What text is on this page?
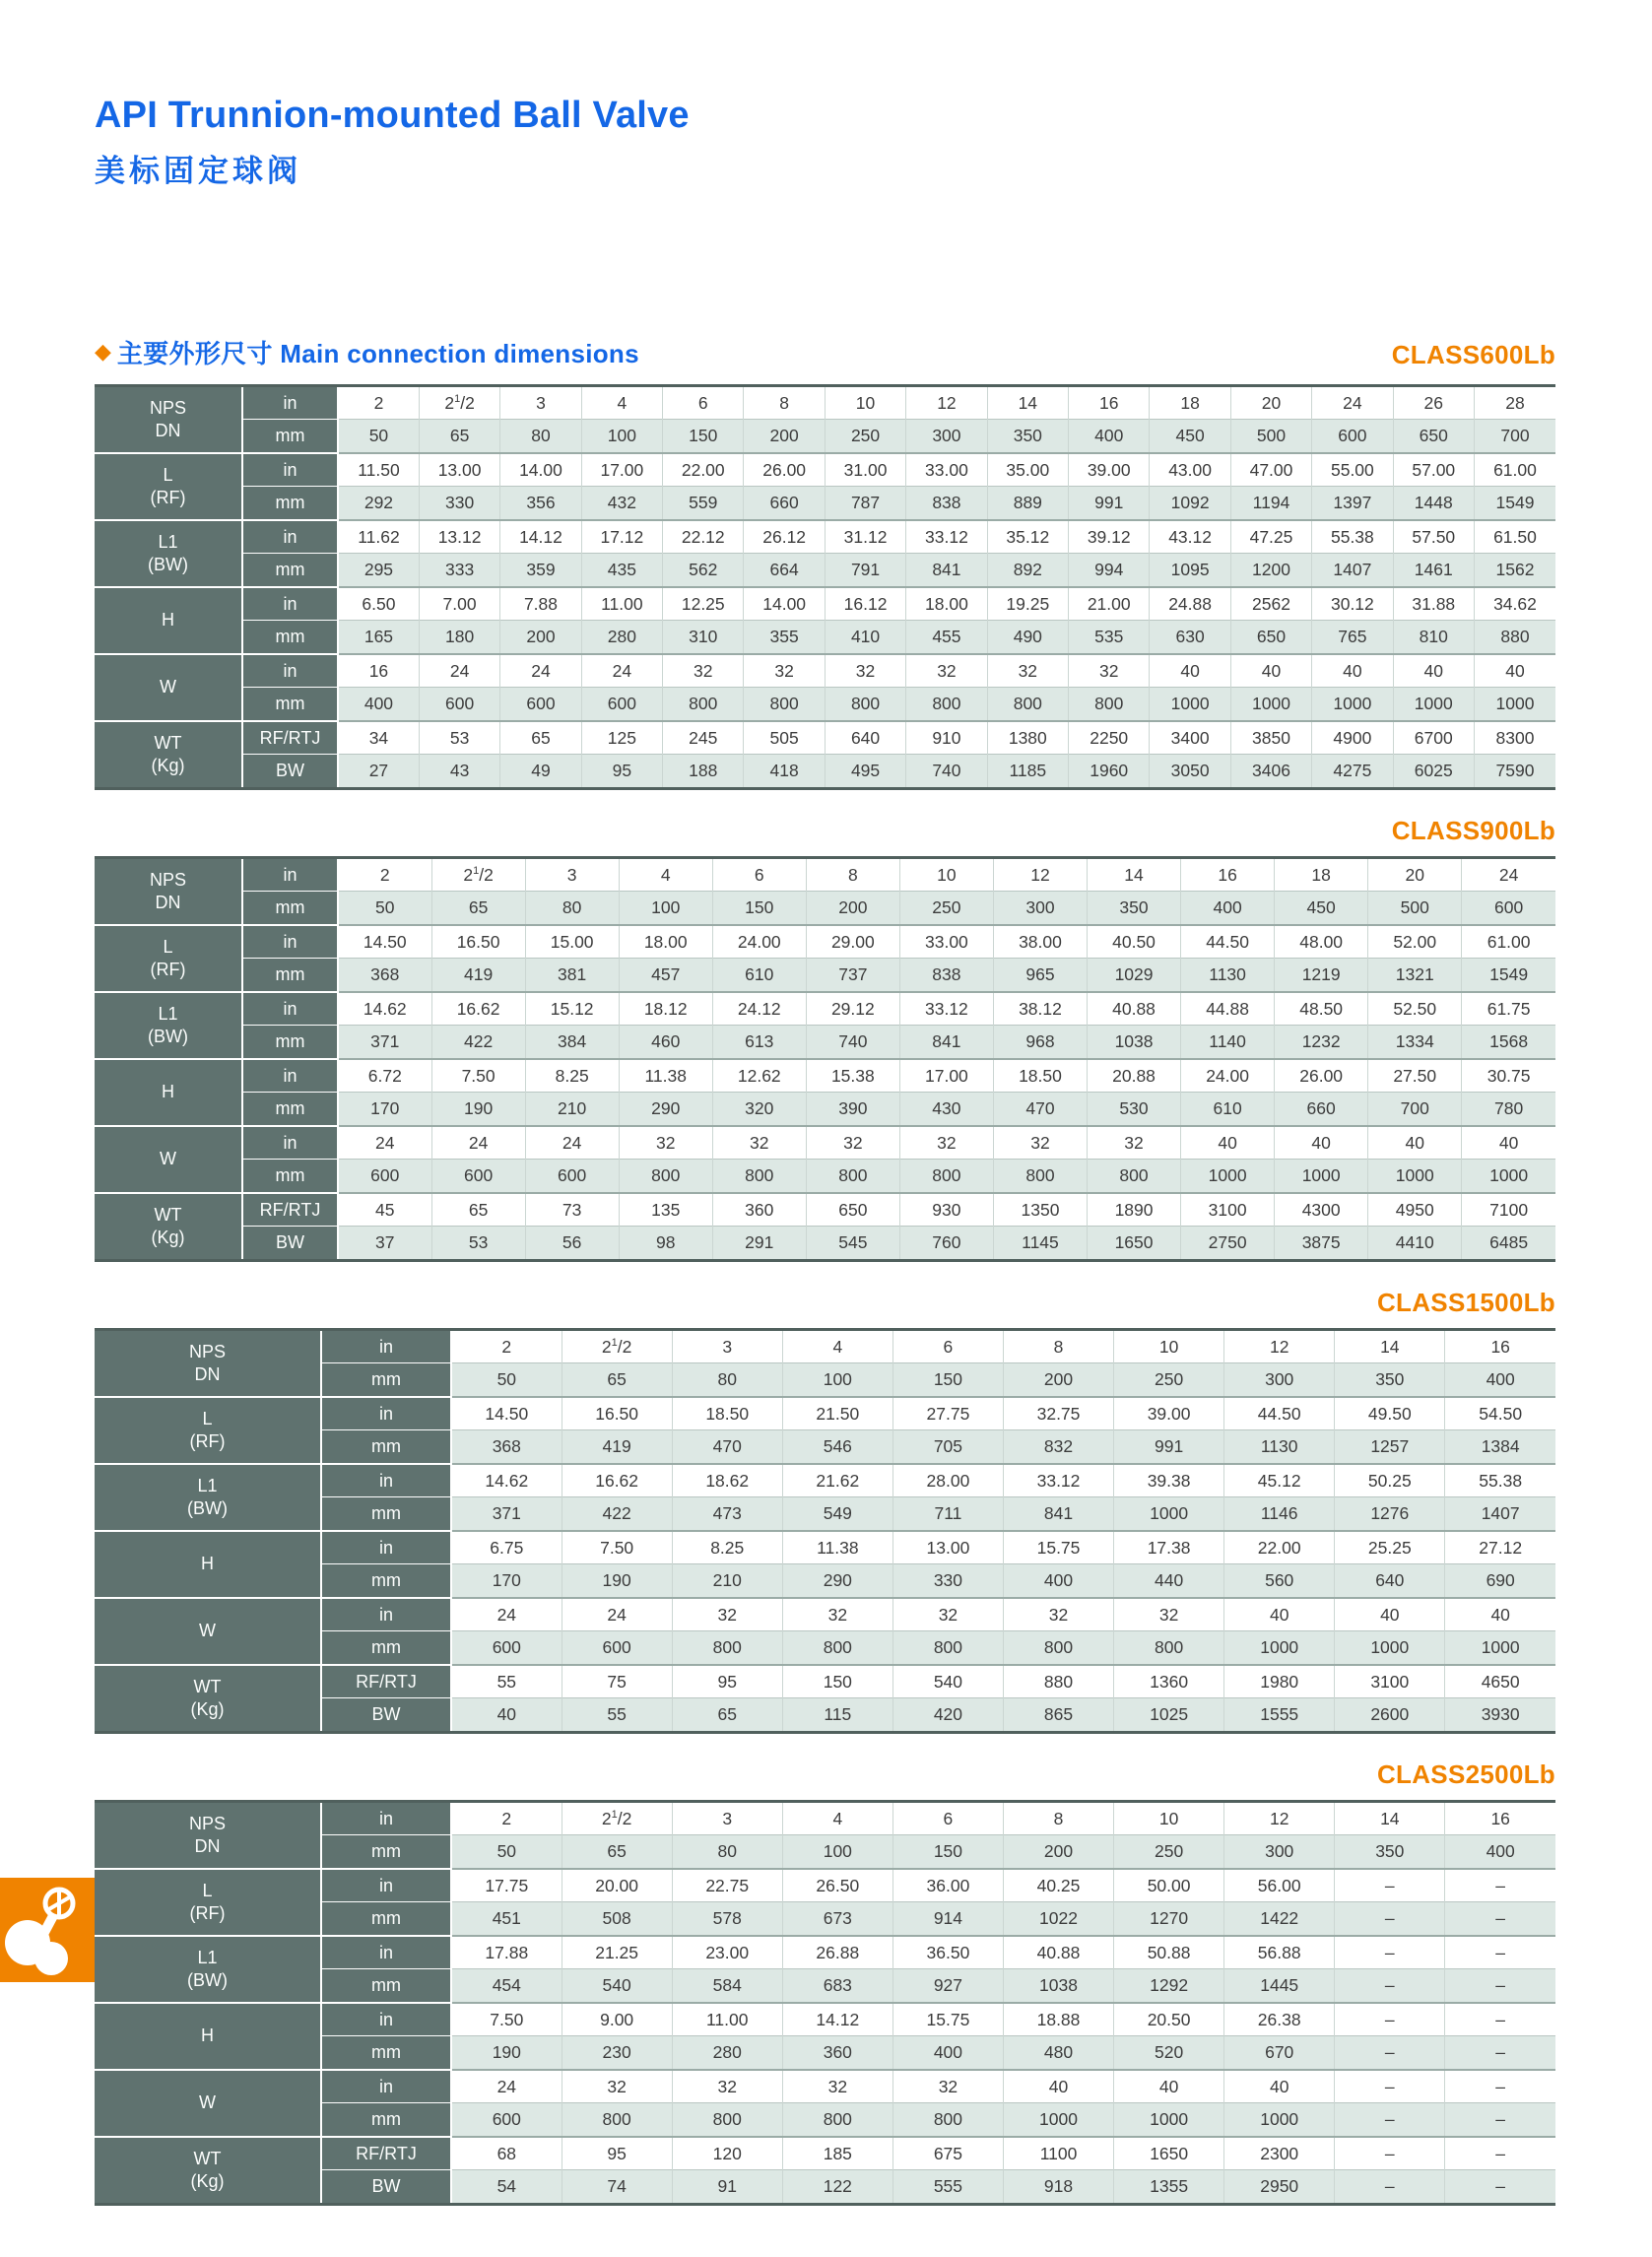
API Trunnion-mounted Ball Valve
美标固定球阀
◆ 主要外形尺寸 Main connection dimensions	CLASS600Lb
NPS
DN	in	2	$2^1/2$	3	4	6	8	10	12	14	16	18	20	24	26	28
	mm	50	65	80	100	150	200	250	300	350	400	450	500	600	650	700
L
(RF)	in	11.50	13.00	14.00	17.00	22.00	26.00	31.00	33.00	35.00	39.00	43.00	47.00	55.00	57.00	61.00
	mm	292	330	356	432	559	660	787	838	889	991	1092	1194	1397	1448	1549
L1
(BW)	in	11.62	13.12	14.12	17.12	22.12	26.12	31.12	33.12	35.12	39.12	43.12	47.25	55.38	57.50	61.50
	mm	295	333	359	435	562	664	791	841	892	994	1095	1200	1407	1461	1562
H	in	6.50	7.00	7.88	11.00	12.25	14.00	16.12	18.00	19.25	21.00	24.88	2562	30.12	31.88	34.62
	mm	165	180	200	280	310	355	410	455	490	535	630	650	765	810	880
W	in	16	24	24	24	32	32	32	32	32	32	40	40	40	40	40
	mm	400	600	600	600	800	800	800	800	800	800	1000	1000	1000	1000	1000
WT
(Kg)	RF/RTJ	34	53	65	125	245	505	640	910	1380	2250	3400	3850	4900	6700	8300
	BW	27	43	49	95	188	418	495	740	1185	1960	3050	3406	4275	6025	7590
CLASS900Lb
NPS
DN	in	2	$2^1/2$	3	4	6	8	10	12	14	16	18	20	24
	mm	50	65	80	100	150	200	250	300	350	400	450	500	600
L
(RF)	in	14.50	16.50	15.00	18.00	24.00	29.00	33.00	38.00	40.50	44.50	48.00	52.00	61.00
	mm	368	419	381	457	610	737	838	965	1029	1130	1219	1321	1549
L1
(BW)	in	14.62	16.62	15.12	18.12	24.12	29.12	33.12	38.12	40.88	44.88	48.50	52.50	61.75
	mm	371	422	384	460	613	740	841	968	1038	1140	1232	1334	1568
H	in	6.72	7.50	8.25	11.38	12.62	15.38	17.00	18.50	20.88	24.00	26.00	27.50	30.75
	mm	170	190	210	290	320	390	430	470	530	610	660	700	780
W	in	24	24	24	32	32	32	32	32	32	40	40	40	40
	mm	600	600	600	800	800	800	800	800	800	1000	1000	1000	1000
WT
(Kg)	RF/RTJ	45	65	73	135	360	650	930	1350	1890	3100	4300	4950	7100
	BW	37	53	56	98	291	545	760	1145	1650	2750	3875	4410	6485
CLASS1500Lb
NPS
DN	in	2	$2^1/2$	3	4	6	8	10	12	14	16
	mm	50	65	80	100	150	200	250	300	350	400
L
(RF)	in	14.50	16.50	18.50	21.50	27.75	32.75	39.00	44.50	49.50	54.50
	mm	368	419	470	546	705	832	991	1130	1257	1384
L1
(BW)	in	14.62	16.62	18.62	21.62	28.00	33.12	39.38	45.12	50.25	55.38
	mm	371	422	473	549	711	841	1000	1146	1276	1407
H	in	6.75	7.50	8.25	11.38	13.00	15.75	17.38	22.00	25.25	27.12
	mm	170	190	210	290	330	400	440	560	640	690
W	in	24	24	32	32	32	32	32	40	40	40
	mm	600	600	800	800	800	800	800	1000	1000	1000
WT
(Kg)	RF/RTJ	55	75	95	150	540	880	1360	1980	3100	4650
	BW	40	55	65	115	420	865	1025	1555	2600	3930
CLASS2500Lb
NPS
DN	in	2	$2^1/2$	3	4	6	8	10	12	14	16
	mm	50	65	80	100	150	200	250	300	350	400
L
(RF)	in	17.75	20.00	22.75	26.50	36.00	40.25	50.00	56.00	–	–
	mm	451	508	578	673	914	1022	1270	1422	–	–
L1
(BW)	in	17.88	21.25	23.00	26.88	36.50	40.88	50.88	56.88	–	–
	mm	454	540	584	683	927	1038	1292	1445	–	–
H	in	7.50	9.00	11.00	14.12	15.75	18.88	20.50	26.38	–	–
	mm	190	230	280	360	400	480	520	670	–	–
W	in	24	32	32	32	32	40	40	40	–	–
	mm	600	800	800	800	800	1000	1000	1000	–	–
WT
(Kg)	RF/RTJ	68	95	120	185	675	1100	1650	2300	–	–
	BW	54	74	91	122	555	918	1355	2950	–	–
